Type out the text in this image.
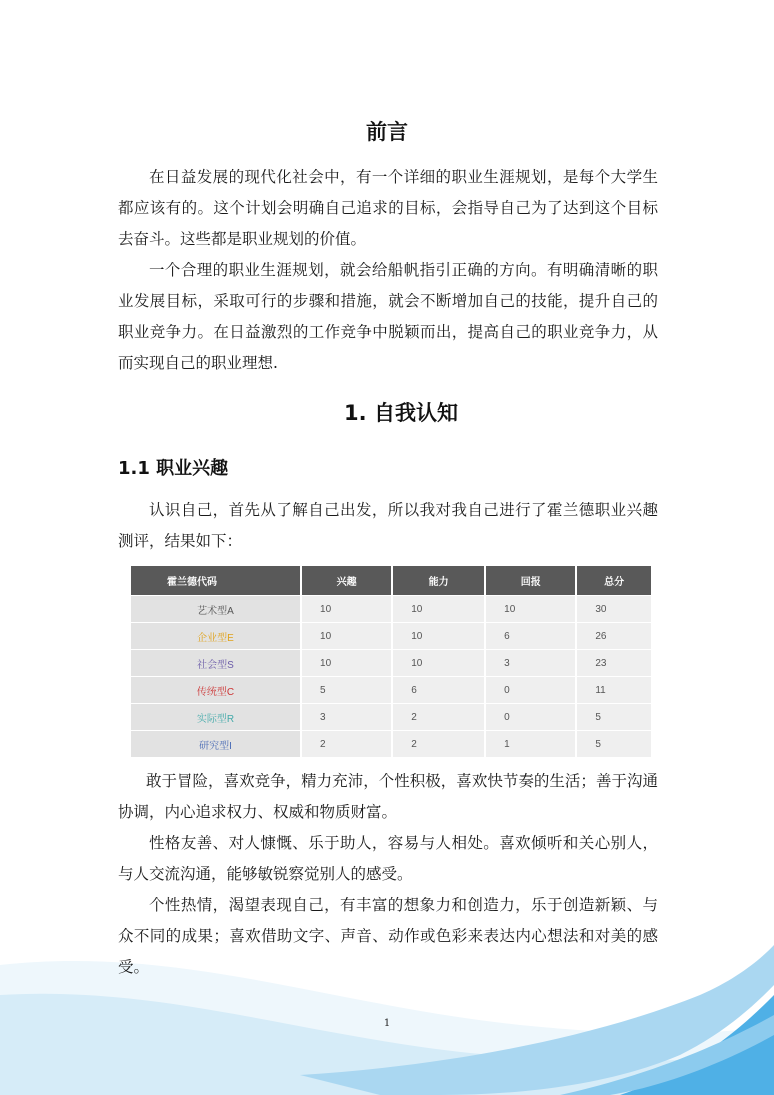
前言

在日益发展的现代化社会中，有一个详细的职业生涯规划，是每个大学生都应该有的。这个计划会明确自己追求的目标，会指导自己为了达到这个目标去奋斗。这些都是职业规划的价值。

一个合理的职业生涯规划，就会给船帆指引正确的方向。有明确清晰的职业发展目标，采取可行的步骤和措施，就会不断增加自己的技能，提升自己的职业竞争力。在日益激烈的工作竞争中脱颖而出，提高自己的职业竞争力，从而实现自己的职业理想.

1. 自我认知
1.1 职业兴趣

认识自己，首先从了解自己出发，所以我对我自己进行了霍兰德职业兴趣测评，结果如下：

霍兰德代码	兴趣	能力	回报	总分
艺术型A	10	10	10	30
企业型E	10	10	6	26
社会型S	10	10	3	23
传统型C	5	6	0	11
实际型R	3	2	0	5
研究型I	2	2	1	5

敢于冒险，喜欢竞争，精力充沛，个性积极，喜欢快节奏的生活；善于沟通协调，内心追求权力、权威和物质财富。

性格友善、对人慷慨、乐于助人，容易与人相处。喜欢倾听和关心别人，与人交流沟通，能够敏锐察觉别人的感受。

个性热情，渴望表现自己，有丰富的想象力和创造力，乐于创造新颖、与众不同的成果；喜欢借助文字、声音、动作或色彩来表达内心想法和对美的感受。

1
